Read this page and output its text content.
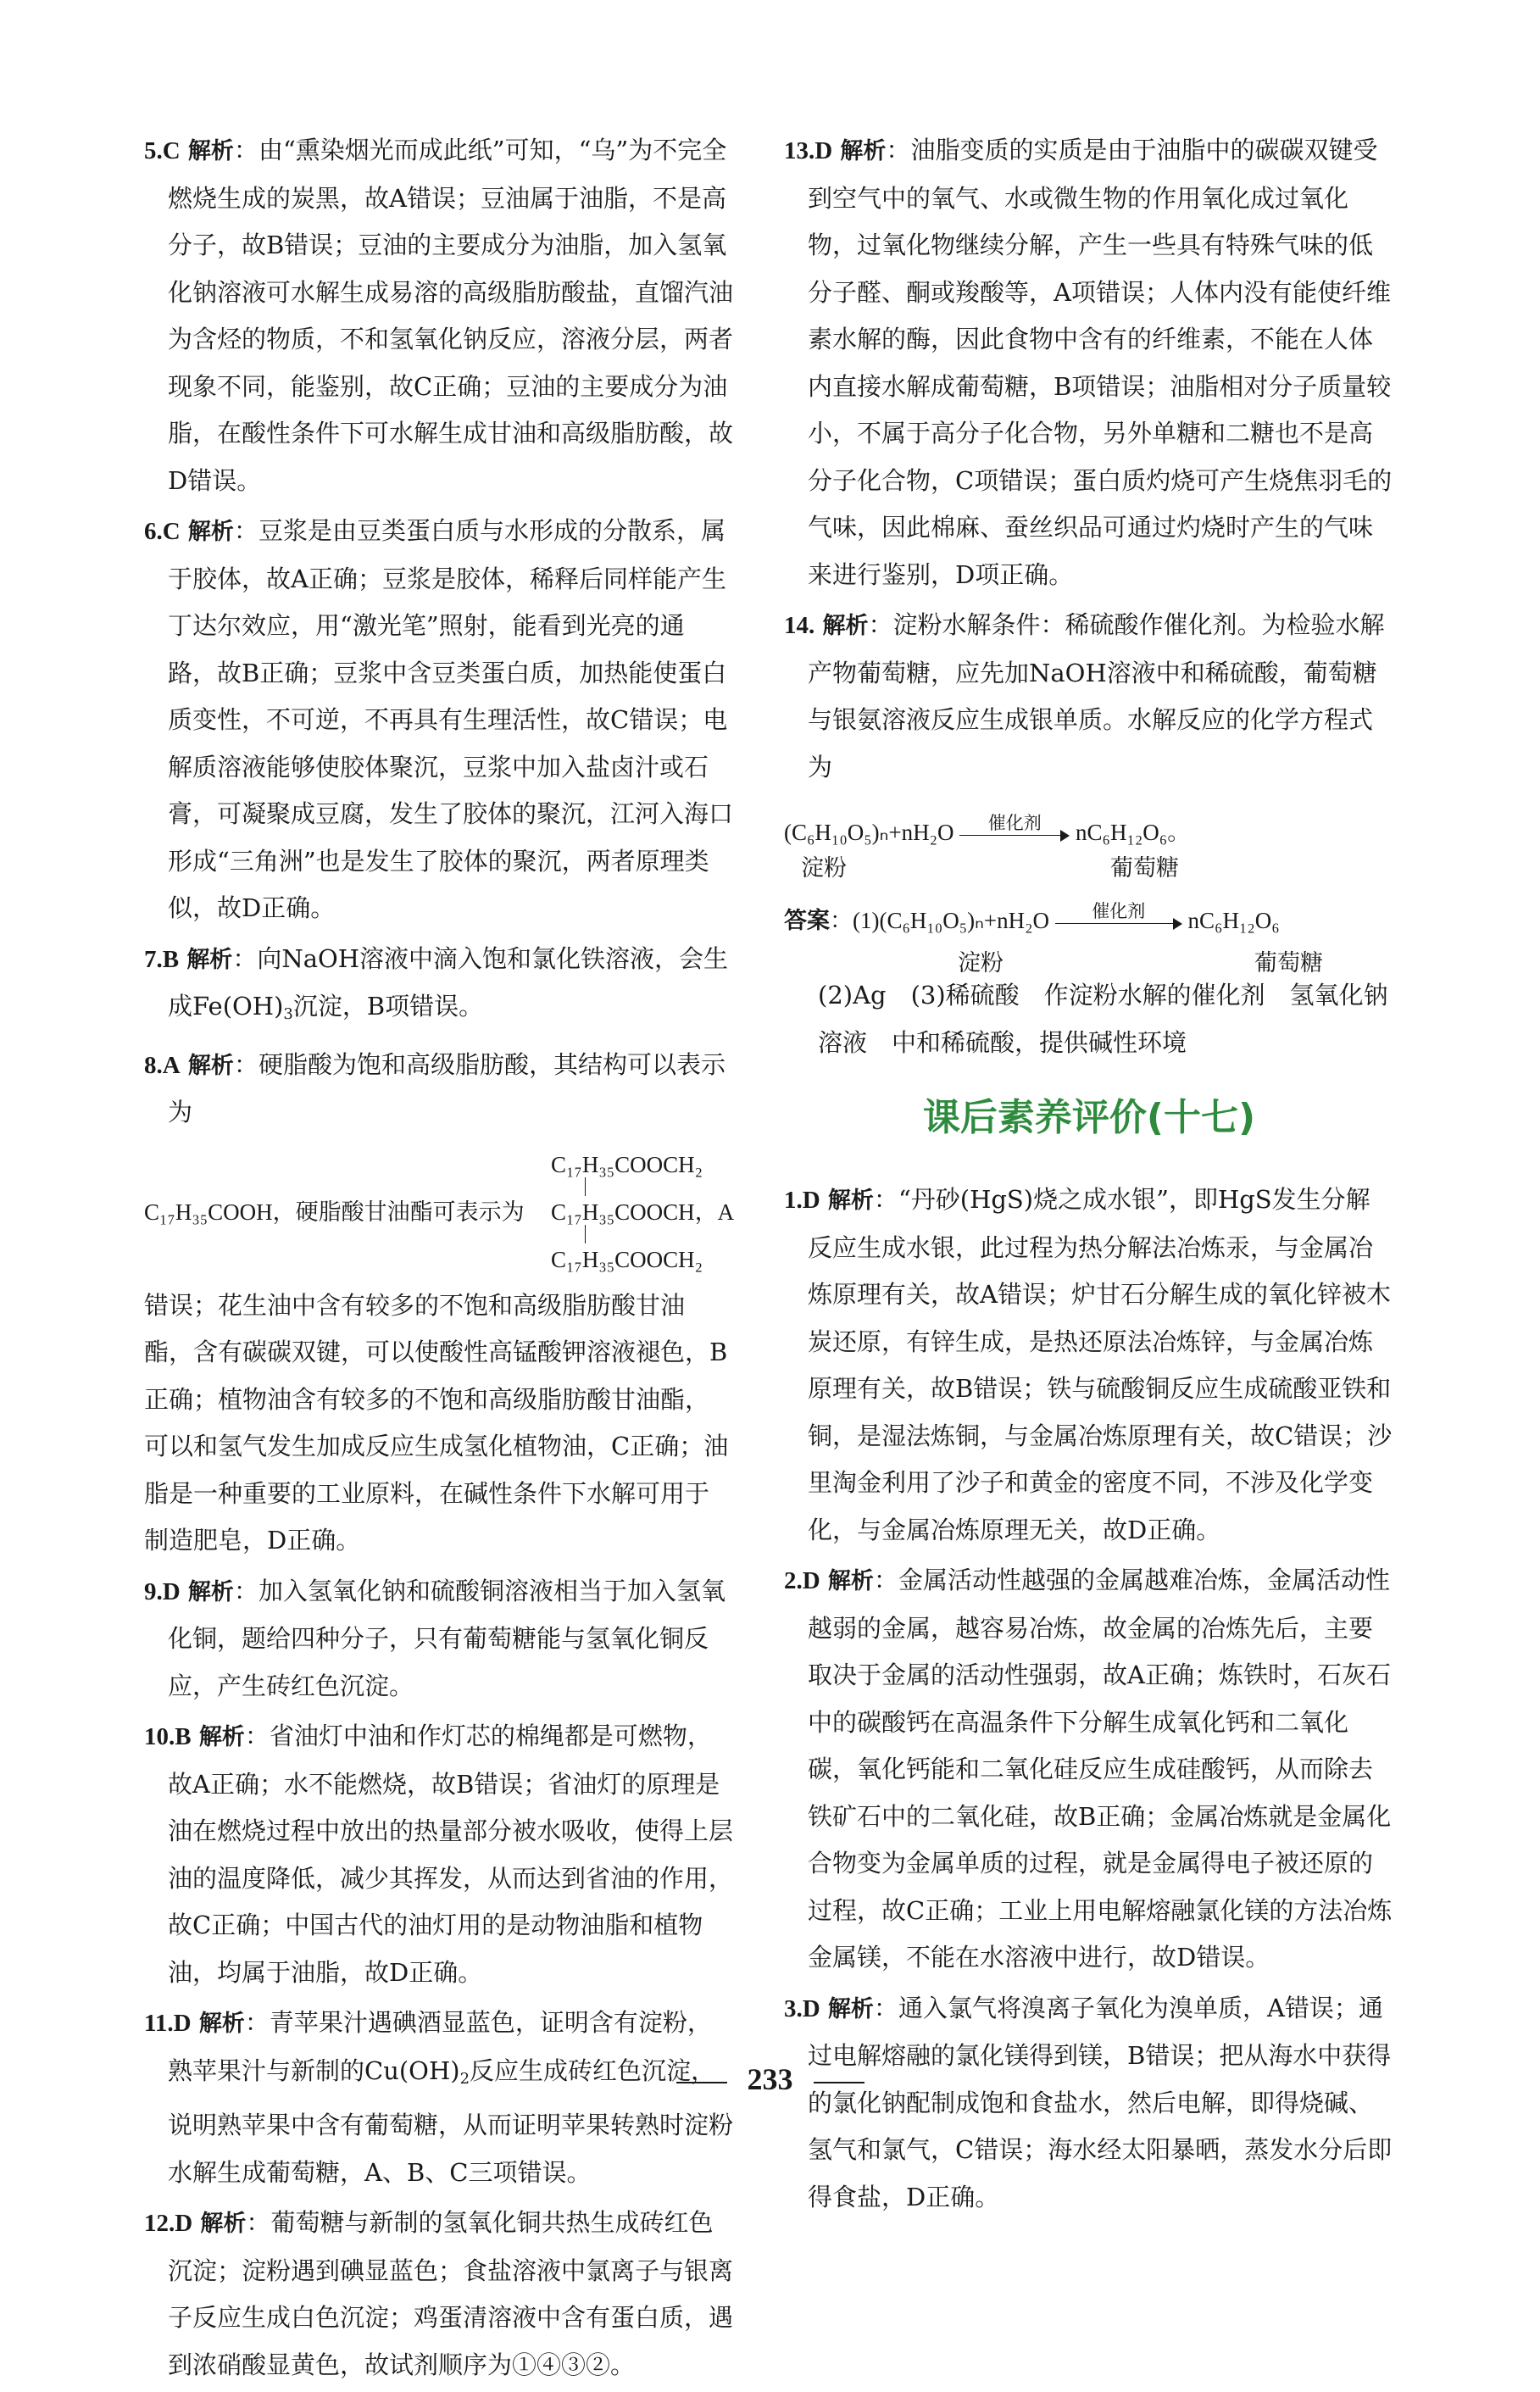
5.C 解析：由“熏染烟光而成此纸”可知，“乌”为不完全燃烧生成的炭黑，故A错误；豆油属于油脂，不是高分子，故B错误；豆油的主要成分为油脂，加入氢氧化钠溶液可水解生成易溶的高级脂肪酸盐，直馏汽油为含烃的物质，不和氢氧化钠反应，溶液分层，两者现象不同，能鉴别，故C正确；豆油的主要成分为油脂，在酸性条件下可水解生成甘油和高级脂肪酸，故D错误。

6.C 解析：豆浆是由豆类蛋白质与水形成的分散系，属于胶体，故A正确；豆浆是胶体，稀释后同样能产生丁达尔效应，用“激光笔”照射，能看到光亮的通路，故B正确；豆浆中含豆类蛋白质，加热能使蛋白质变性，不可逆，不再具有生理活性，故C错误；电解质溶液能够使胶体聚沉，豆浆中加入盐卤汁或石膏，可凝聚成豆腐，发生了胶体的聚沉，江河入海口形成“三角洲”也是发生了胶体的聚沉，两者原理类似，故D正确。

7.B 解析：向NaOH溶液中滴入饱和氯化铁溶液，会生成$Fe(OH)_3$沉淀，B项错误。

8.A 解析：硬脂酸为饱和高级脂肪酸，其结构可以表示为

C₁₇H₃₅COOCH₂
C₁₇H₃₅COOH，硬脂酸甘油酯可表示为 C₁₇H₃₅COOCH，A
C₁₇H₃₅COOCH₂

错误；花生油中含有较多的不饱和高级脂肪酸甘油酯，含有碳碳双键，可以使酸性高锰酸钾溶液褪色，B正确；植物油含有较多的不饱和高级脂肪酸甘油酯，可以和氢气发生加成反应生成氢化植物油，C正确；油脂是一种重要的工业原料，在碱性条件下水解可用于制造肥皂，D正确。

9.D 解析：加入氢氧化钠和硫酸铜溶液相当于加入氢氧化铜，题给四种分子，只有葡萄糖能与氢氧化铜反应，产生砖红色沉淀。

10.B 解析：省油灯中油和作灯芯的棉绳都是可燃物，故A正确；水不能燃烧，故B错误；省油灯的原理是油在燃烧过程中放出的热量部分被水吸收，使得上层油的温度降低，减少其挥发，从而达到省油的作用，故C正确；中国古代的油灯用的是动物油脂和植物油，均属于油脂，故D正确。

11.D 解析：青苹果汁遇碘酒显蓝色，证明含有淀粉，熟苹果汁与新制的$Cu(OH)_2$反应生成砖红色沉淀，说明熟苹果中含有葡萄糖，从而证明苹果转熟时淀粉水解生成葡萄糖，A、B、C三项错误。

12.D 解析：葡萄糖与新制的氢氧化铜共热生成砖红色沉淀；淀粉遇到碘显蓝色；食盐溶液中氯离子与银离子反应生成白色沉淀；鸡蛋清溶液中含有蛋白质，遇到浓硝酸显黄色，故试剂顺序为①④③②。

13.D 解析：油脂变质的实质是由于油脂中的碳碳双键受到空气中的氧气、水或微生物的作用氧化成过氧化物，过氧化物继续分解，产生一些具有特殊气味的低分子醛、酮或羧酸等，A项错误；人体内没有能使纤维素水解的酶，因此食物中含有的纤维素，不能在人体内直接水解成葡萄糖，B项错误；油脂相对分子质量较小，不属于高分子化合物，另外单糖和二糖也不是高分子化合物，C项错误；蛋白质灼烧可产生烧焦羽毛的气味，因此棉麻、蚕丝织品可通过灼烧时产生的气味来进行鉴别，D项正确。

14. 解析：淀粉水解条件：稀硫酸作催化剂。为检验水解产物葡萄糖，应先加NaOH溶液中和稀硫酸，葡萄糖与银氨溶液反应生成银单质。水解反应的化学方程式为

(C₆H₁₀O₅)ₙ+nH₂O	催化剂	nC₆H₁₂O₆。
淀粉	葡萄糖
答案：(1)(C₆H₁₀O₅)ₙ+nH₂O	催化剂	nC₆H₁₂O₆
淀粉	葡萄糖

(2)Ag　(3)稀硫酸　作淀粉水解的催化剂　氢氧化钠溶液　中和稀硫酸，提供碱性环境

课后素养评价(十七)

1.D 解析：“丹砂(HgS)烧之成水银”，即HgS发生分解反应生成水银，此过程为热分解法冶炼汞，与金属冶炼原理有关，故A错误；炉甘石分解生成的氧化锌被木炭还原，有锌生成，是热还原法冶炼锌，与金属冶炼原理有关，故B错误；铁与硫酸铜反应生成硫酸亚铁和铜，是湿法炼铜，与金属冶炼原理有关，故C错误；沙里淘金利用了沙子和黄金的密度不同，不涉及化学变化，与金属冶炼原理无关，故D正确。

2.D 解析：金属活动性越强的金属越难冶炼，金属活动性越弱的金属，越容易冶炼，故金属的冶炼先后，主要取决于金属的活动性强弱，故A正确；炼铁时，石灰石中的碳酸钙在高温条件下分解生成氧化钙和二氧化碳，氧化钙能和二氧化硅反应生成硅酸钙，从而除去铁矿石中的二氧化硅，故B正确；金属冶炼就是金属化合物变为金属单质的过程，就是金属得电子被还原的过程，故C正确；工业上用电解熔融氯化镁的方法冶炼金属镁，不能在水溶液中进行，故D错误。

3.D 解析：通入氯气将溴离子氧化为溴单质，A错误；通过电解熔融的氯化镁得到镁，B错误；把从海水中获得的氯化钠配制成饱和食盐水，然后电解，即得烧碱、氢气和氯气，C错误；海水经太阳暴晒，蒸发水分后即得食盐，D正确。

233
